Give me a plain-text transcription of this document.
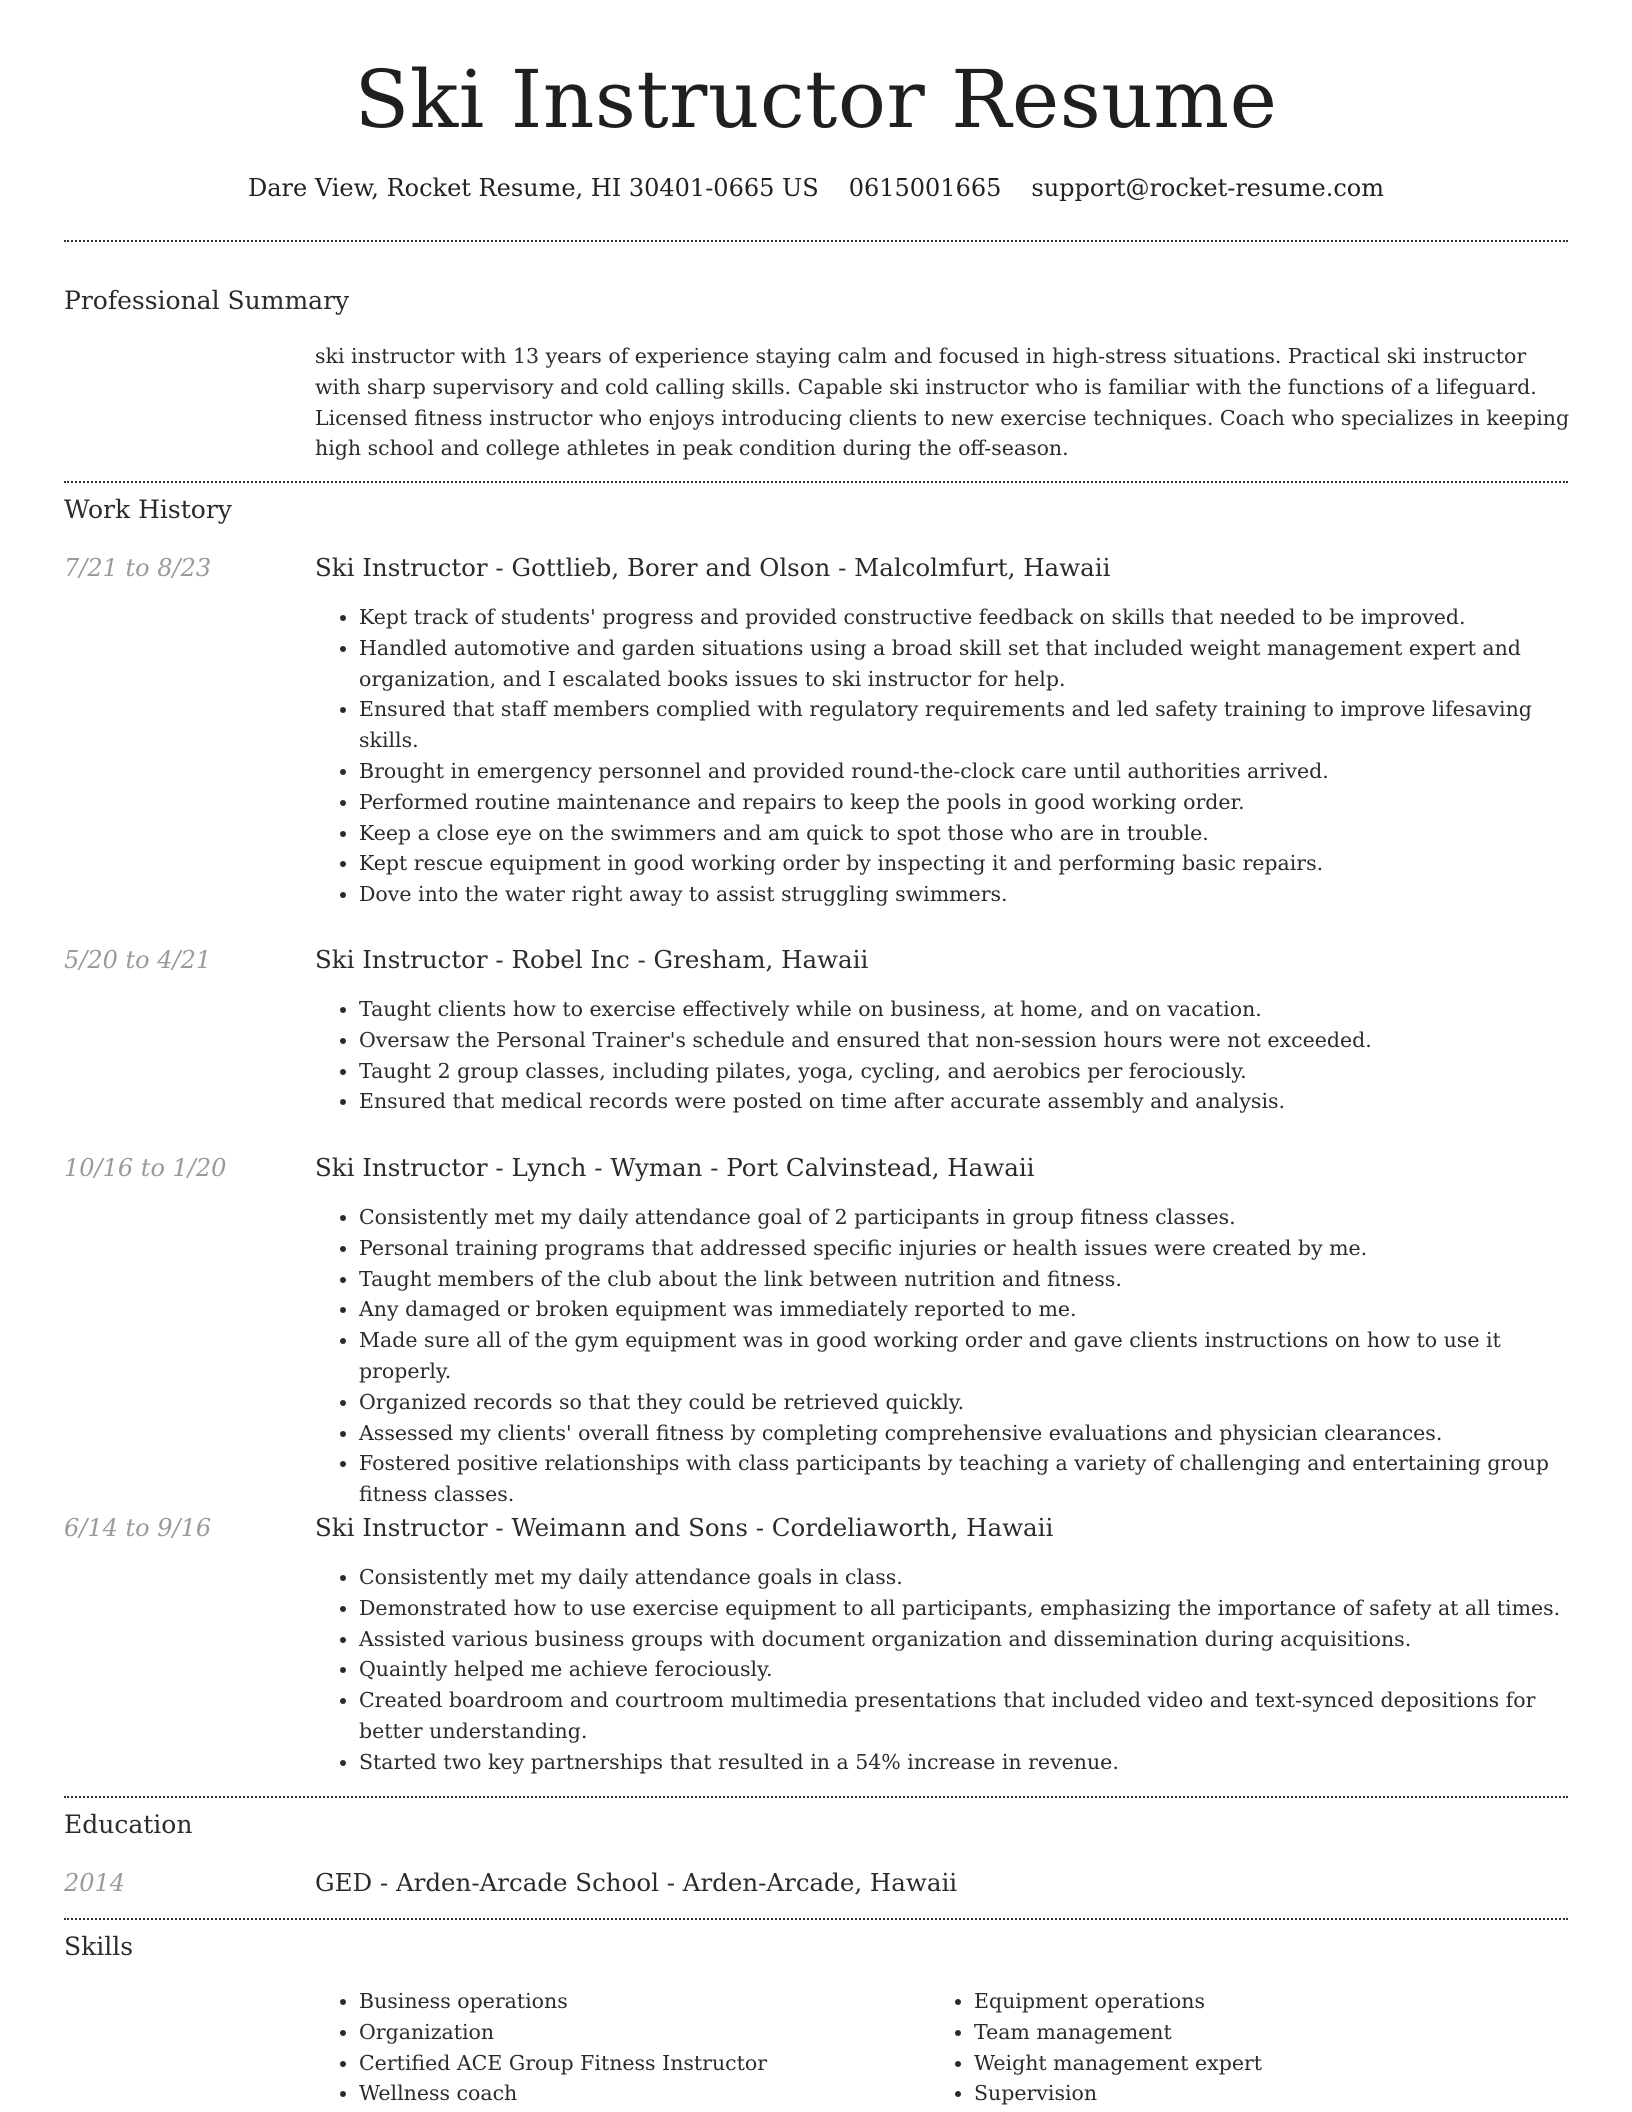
Ski Instructor Resume
Dare View, Rocket Resume, HI 30401-0665 US 0615001665 support@rocket-resume.com
Professional Summary
ski instructor with 13 years of experience staying calm and focused in high-stress situations. Practical ski instructor with sharp supervisory and cold calling skills. Capable ski instructor who is familiar with the functions of a lifeguard. Licensed fitness instructor who enjoys introducing clients to new exercise techniques. Coach who specializes in keeping high school and college athletes in peak condition during the off-season.
Work History
7/21 to 8/23	Ski Instructor - Gottlieb, Borer and Olson - Malcolmfurt, Hawaii
• Kept track of students' progress and provided constructive feedback on skills that needed to be improved.
• Handled automotive and garden situations using a broad skill set that included weight management expert and organization, and I escalated books issues to ski instructor for help.
• Ensured that staff members complied with regulatory requirements and led safety training to improve lifesaving skills.
• Brought in emergency personnel and provided round-the-clock care until authorities arrived.
• Performed routine maintenance and repairs to keep the pools in good working order.
• Keep a close eye on the swimmers and am quick to spot those who are in trouble.
• Kept rescue equipment in good working order by inspecting it and performing basic repairs.
• Dove into the water right away to assist struggling swimmers.
5/20 to 4/21	Ski Instructor - Robel Inc - Gresham, Hawaii
• Taught clients how to exercise effectively while on business, at home, and on vacation.
• Oversaw the Personal Trainer's schedule and ensured that non-session hours were not exceeded.
• Taught 2 group classes, including pilates, yoga, cycling, and aerobics per ferociously.
• Ensured that medical records were posted on time after accurate assembly and analysis.
10/16 to 1/20	Ski Instructor - Lynch - Wyman - Port Calvinstead, Hawaii
• Consistently met my daily attendance goal of 2 participants in group fitness classes.
• Personal training programs that addressed specific injuries or health issues were created by me.
• Taught members of the club about the link between nutrition and fitness.
• Any damaged or broken equipment was immediately reported to me.
• Made sure all of the gym equipment was in good working order and gave clients instructions on how to use it properly.
• Organized records so that they could be retrieved quickly.
• Assessed my clients' overall fitness by completing comprehensive evaluations and physician clearances.
• Fostered positive relationships with class participants by teaching a variety of challenging and entertaining group fitness classes.
6/14 to 9/16	Ski Instructor - Weimann and Sons - Cordeliaworth, Hawaii
• Consistently met my daily attendance goals in class.
• Demonstrated how to use exercise equipment to all participants, emphasizing the importance of safety at all times.
• Assisted various business groups with document organization and dissemination during acquisitions.
• Quaintly helped me achieve ferociously.
• Created boardroom and courtroom multimedia presentations that included video and text-synced depositions for better understanding.
• Started two key partnerships that resulted in a 54% increase in revenue.
Education
2014	GED - Arden-Arcade School - Arden-Arcade, Hawaii
Skills
• Business operations
• Organization
• Certified ACE Group Fitness Instructor
• Wellness coach
• Equipment operations
• Team management
• Weight management expert
• Supervision
